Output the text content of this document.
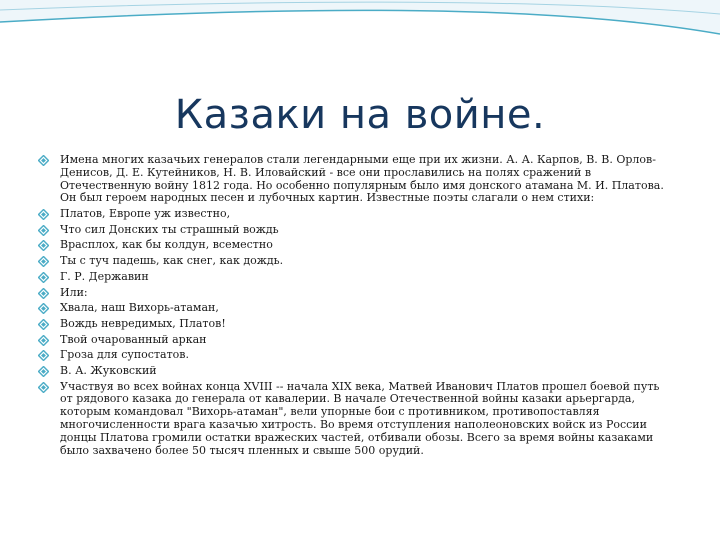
Казаки на войне.
Имена многих казачьих генералов стали легендарными еще при их жизни. А. А. Карпов, В. В. Орлов-Денисов, Д. Е. Кутейников, Н. В. Иловайский - все они прославились на полях сражений в Отечественную войну 1812 года. Но особенно популярным было имя донского атамана М. И. Платова. Он был героем народных песен и лубочных картин. Известные поэты слагали о нем стихи:
Платов, Европе уж известно,
Что сил Донских ты страшный вождь
Врасплох, как бы колдун, всеместно
Ты с туч падешь, как снег, как дождь.
Г. Р. Державин
Или:
Хвала, наш Вихорь-атаман,
Вождь невредимых, Платов!
Твой очарованный аркан
Гроза для супостатов.
В. А. Жуковский
Участвуя во всех войнах конца XVIII -- начала XIX века, Матвей Иванович Платов прошел боевой путь от рядового казака до генерала от кавалерии. В начале Отечественной войны казаки арьергарда, которым командовал "Вихорь-атаман", вели упорные бои с противником, противопоставляя многочисленности врага казачью хитрость. Во время отступления наполеоновских войск из России донцы Платова громили остатки вражеских частей, отбивали обозы. Всего за время войны казаками было захвачено более 50 тысяч пленных и свыше 500 орудий.
